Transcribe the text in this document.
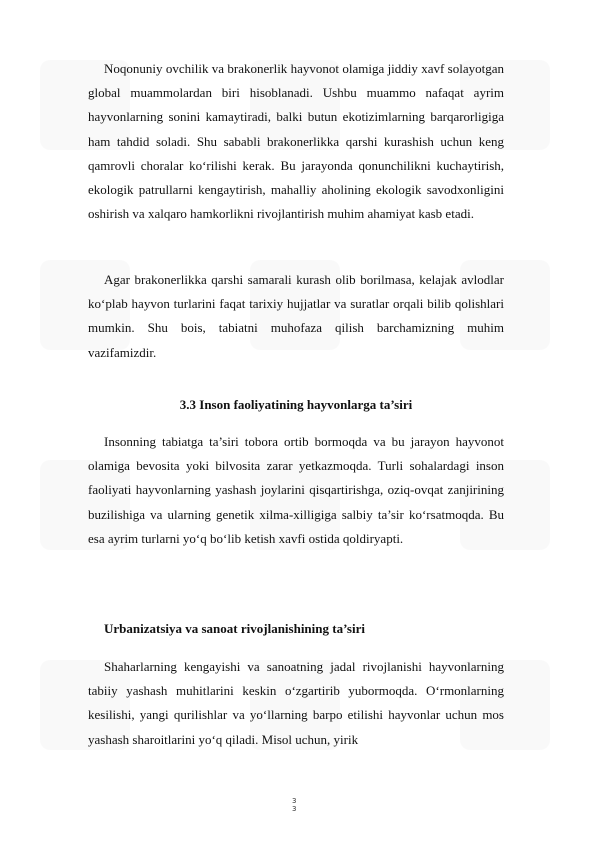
Noqonuniy ovchilik va brakonerlik hayvonot olamiga jiddiy xavf solayotgan global muammolardan biri hisoblanadi. Ushbu muammo nafaqat ayrim hayvonlarning sonini kamaytiradi, balki butun ekotizimlarning barqarorligiga ham tahdid soladi. Shu sababli brakonerlikka qarshi kurashish uchun keng qamrovli choralar ko‘rilishi kerak. Bu jarayonda qonunchilikni kuchaytirish, ekologik patrullarni kengaytirish, mahalliy aholining ekologik savodxonligini oshirish va xalqaro hamkorlikni rivojlantirish muhim ahamiyat kasb etadi.

Agar brakonerlikka qarshi samarali kurash olib borilmasa, kelajak avlodlar ko‘plab hayvon turlarini faqat tarixiy hujjatlar va suratlar orqali bilib qolishlari mumkin. Shu bois, tabiatni muhofaza qilish barchamizning muhim vazifamizdir.

3.3 Inson faoliyatining hayvonlarga ta’siri

Insonning tabiatga ta’siri tobora ortib bormoqda va bu jarayon hayvonot olamiga bevosita yoki bilvosita zarar yetkazmoqda. Turli sohalardagi inson faoliyati hayvonlarning yashash joylarini qisqartirishga, oziq-ovqat zanjirining buzilishiga va ularning genetik xilma-xilligiga salbiy ta’sir ko‘rsatmoqda. Bu esa ayrim turlarni yo‘q bo‘lib ketish xavfi ostida qoldiryapti.

Urbanizatsiya va sanoat rivojlanishining ta’siri

Shaharlarning kengayishi va sanoatning jadal rivojlanishi hayvonlarning tabiiy yashash muhitlarini keskin o‘zgartirib yubormoqda. O‘rmonlarning kesilishi, yangi qurilishlar va yo‘llarning barpo etilishi hayvonlar uchun mos yashash sharoitlarini yo‘q qiladi. Misol uchun, yirik

3
3
